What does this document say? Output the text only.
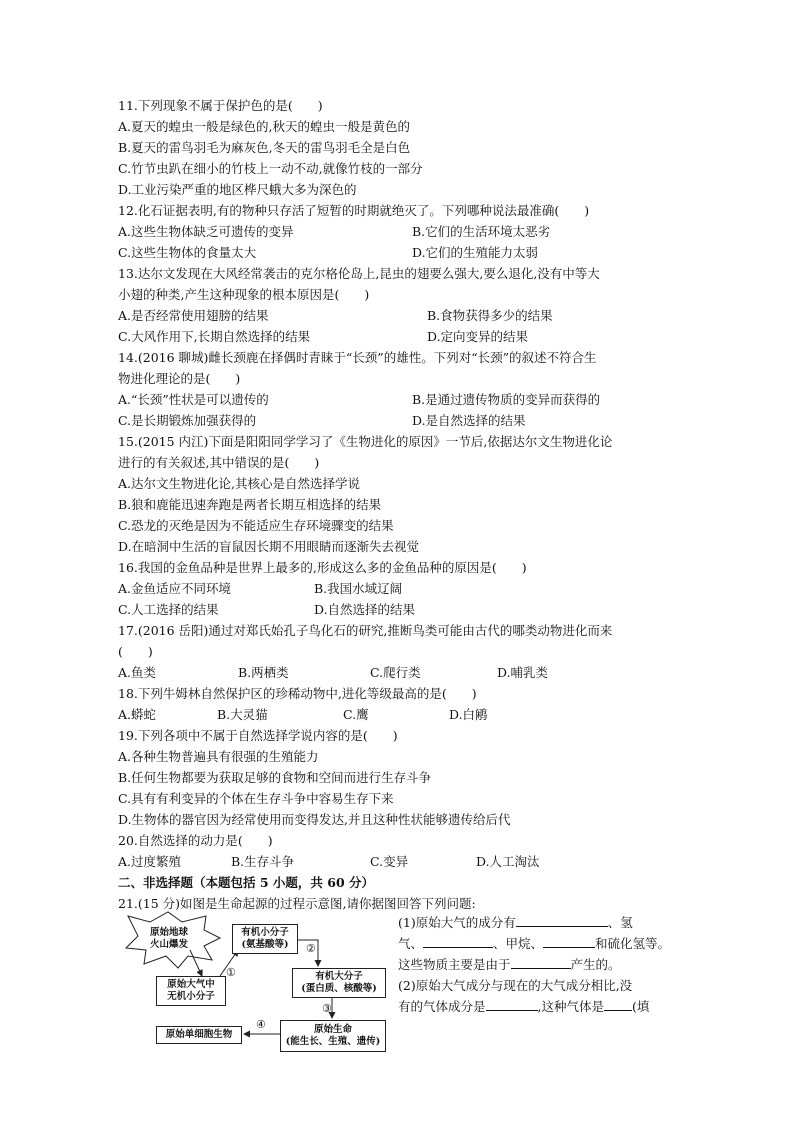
11.下列现象不属于保护色的是(　　)
A.夏天的蝗虫一般是绿色的,秋天的蝗虫一般是黄色的
B.夏天的雷鸟羽毛为麻灰色,冬天的雷鸟羽毛全是白色
C.竹节虫趴在细小的竹枝上一动不动,就像竹枝的一部分
D.工业污染严重的地区桦尺蛾大多为深色的
12.化石证据表明,有的物种只存活了短暂的时期就绝灭了。下列哪种说法最准确(　　)
A.这些生物体缺乏可遗传的变异	B.它们的生活环境太恶劣
C.这些生物体的食量太大	D.它们的生殖能力太弱
13.达尔文发现在大风经常袭击的克尔格伦岛上,昆虫的翅要么强大,要么退化,没有中等大
小翅的种类,产生这种现象的根本原因是(　　)
A.是否经常使用翅膀的结果	B.食物获得多少的结果
C.大风作用下,长期自然选择的结果	D.定向变异的结果
14.(2016 聊城)雌长颈鹿在择偶时青睐于“长颈”的雄性。下列对“长颈”的叙述不符合生
物进化理论的是(　　)
A.“长颈”性状是可以遗传的	B.是通过遗传物质的变异而获得的
C.是长期锻炼加强获得的	D.是自然选择的结果
15.(2015 内江)下面是阳阳同学学习了《生物进化的原因》一节后,依据达尔文生物进化论
进行的有关叙述,其中错误的是(　　)
A.达尔文生物进化论,其核心是自然选择学说
B.狼和鹿能迅速奔跑是两者长期互相选择的结果
C.恐龙的灭绝是因为不能适应生存环境骤变的结果
D.在暗洞中生活的盲鼠因长期不用眼睛而逐渐失去视觉
16.我国的金鱼品种是世界上最多的,形成这么多的金鱼品种的原因是(　　)
A.金鱼适应不同环境	B.我国水域辽阔
C.人工选择的结果	D.自然选择的结果
17.(2016 岳阳)通过对郑氏始孔子鸟化石的研究,推断鸟类可能由古代的哪类动物进化而来
(　　)
A.鱼类	B.两栖类	C.爬行类	D.哺乳类
18.下列牛姆林自然保护区的珍稀动物中,进化等级最高的是(　　)
A.蟒蛇	B.大灵猫	C.鹰	D.白鹇
19.下列各项中不属于自然选择学说内容的是(　　)
A.各种生物普遍具有很强的生殖能力
B.任何生物都要为获取足够的食物和空间而进行生存斗争
C.具有有利变异的个体在生存斗争中容易生存下来
D.生物体的器官因为经常使用而变得发达,并且这种性状能够遗传给后代
20.自然选择的动力是(　　)
A.过度繁殖	B.生存斗争	C.变异	D.人工淘汰
二、非选择题（本题包括 5 小题，共 60 分）
21.(15 分)如图是生命起源的过程示意图,请你据图回答下列问题:
(1)原始大气的成分有	、氢
气、	、甲烷、	和硫化氢等。
这些物质主要是由于	产生的。
(2)原始大气成分与现在的大气成分相比,没
有的气体成分是	,这种气体是 (填
原始地球
火山爆发
有机小分子
(氨基酸等)
原始大气中
无机小分子
有机大分子
(蛋白质、核酸等)
原始生命
(能生长、生殖、遗传)
原始单细胞生物
①
②
③
④
